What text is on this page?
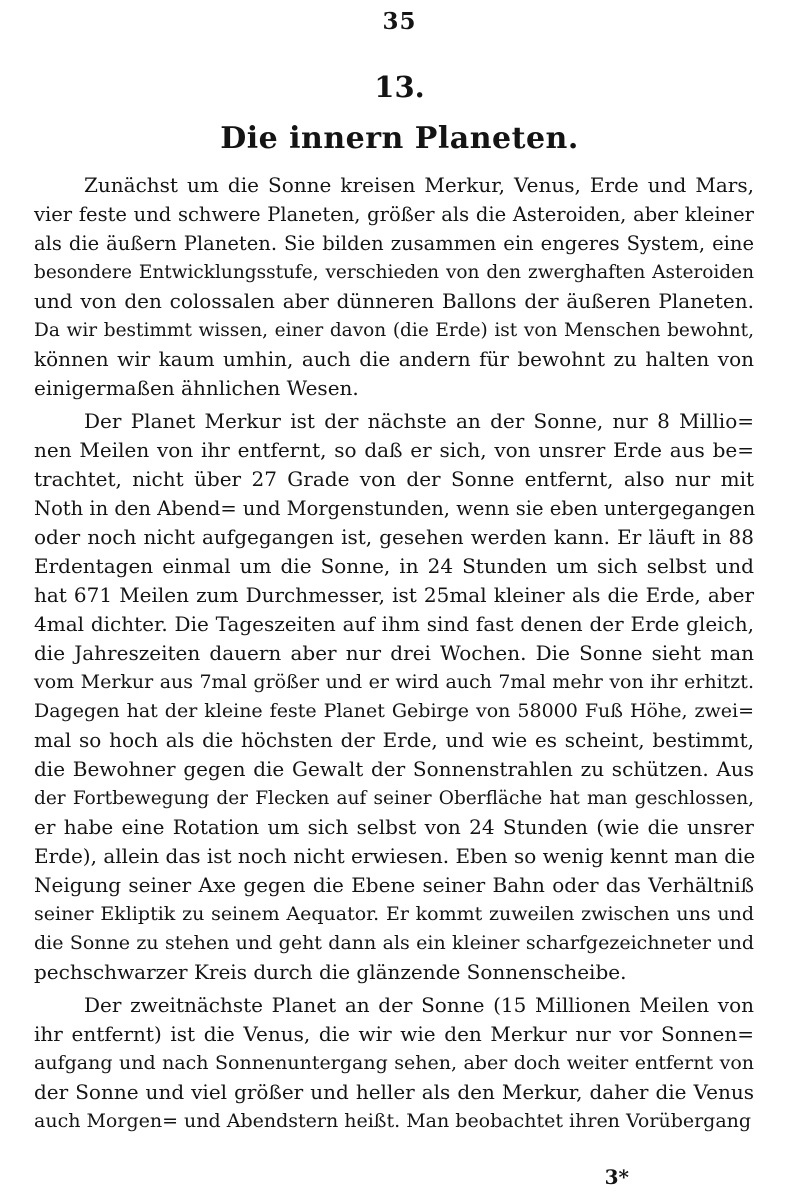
35
13.
Die innern Planeten.
Zunächst um die Sonne kreisen Merkur, Venus, Erde und Mars,
vier feste und schwere Planeten, größer als die Asteroiden, aber kleiner
als die äußern Planeten. Sie bilden zusammen ein engeres System, eine
besondere Entwicklungsstufe, verschieden von den zwerghaften Asteroiden
und von den colossalen aber dünneren Ballons der äußeren Planeten.
Da wir bestimmt wissen, einer davon (die Erde) ist von Menschen bewohnt,
können wir kaum umhin, auch die andern für bewohnt zu halten von
einigermaßen ähnlichen Wesen.
Der Planet Merkur ist der nächste an der Sonne, nur 8 Millio=
nen Meilen von ihr entfernt, so daß er sich, von unsrer Erde aus be=
trachtet, nicht über 27 Grade von der Sonne entfernt, also nur mit
Noth in den Abend= und Morgenstunden, wenn sie eben untergegangen
oder noch nicht aufgegangen ist, gesehen werden kann. Er läuft in 88
Erdentagen einmal um die Sonne, in 24 Stunden um sich selbst und
hat 671 Meilen zum Durchmesser, ist 25mal kleiner als die Erde, aber
4mal dichter. Die Tageszeiten auf ihm sind fast denen der Erde gleich,
die Jahreszeiten dauern aber nur drei Wochen. Die Sonne sieht man
vom Merkur aus 7mal größer und er wird auch 7mal mehr von ihr erhitzt.
Dagegen hat der kleine feste Planet Gebirge von 58000 Fuß Höhe, zwei=
mal so hoch als die höchsten der Erde, und wie es scheint, bestimmt,
die Bewohner gegen die Gewalt der Sonnenstrahlen zu schützen. Aus
der Fortbewegung der Flecken auf seiner Oberfläche hat man geschlossen,
er habe eine Rotation um sich selbst von 24 Stunden (wie die unsrer
Erde), allein das ist noch nicht erwiesen. Eben so wenig kennt man die
Neigung seiner Axe gegen die Ebene seiner Bahn oder das Verhältniß
seiner Ekliptik zu seinem Aequator. Er kommt zuweilen zwischen uns und
die Sonne zu stehen und geht dann als ein kleiner scharfgezeichneter und
pechschwarzer Kreis durch die glänzende Sonnenscheibe.
Der zweitnächste Planet an der Sonne (15 Millionen Meilen von
ihr entfernt) ist die Venus, die wir wie den Merkur nur vor Sonnen=
aufgang und nach Sonnenuntergang sehen, aber doch weiter entfernt von
der Sonne und viel größer und heller als den Merkur, daher die Venus
auch Morgen= und Abendstern heißt. Man beobachtet ihren Vorübergang
3*
